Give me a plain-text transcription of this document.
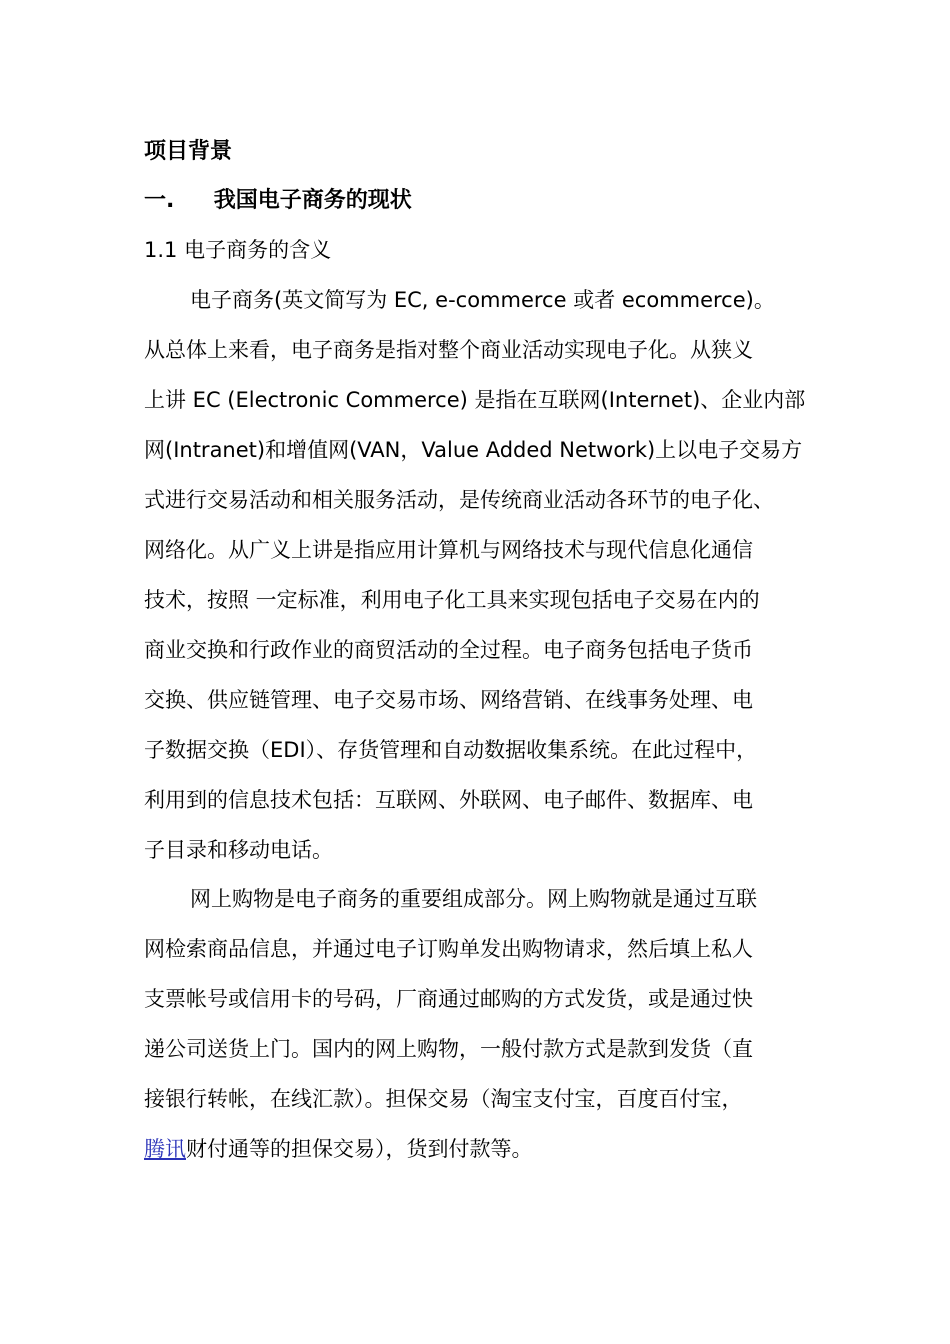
项目背景
一. 我国电子商务的现状
1.1 电子商务的含义
电子商务(英文简写为 EC, e-commerce 或者 ecommerce)。
从总体上来看，电子商务是指对整个商业活动实现电子化。从狭义
上讲 EC (Electronic Commerce) 是指在互联网(Internet)、企业内部
网(Intranet)和增值网(VAN，Value Added Network)上以电子交易方
式进行交易活动和相关服务活动，是传统商业活动各环节的电子化、
网络化。从广义上讲是指应用计算机与网络技术与现代信息化通信
技术，按照 一定标准，利用电子化工具来实现包括电子交易在内的
商业交换和行政作业的商贸活动的全过程。电子商务包括电子货币
交换、供应链管理、电子交易市场、网络营销、在线事务处理、电
子数据交换（EDI）、存货管理和自动数据收集系统。在此过程中，
利用到的信息技术包括：互联网、外联网、电子邮件、数据库、电
子目录和移动电话。
网上购物是电子商务的重要组成部分。网上购物就是通过互联
网检索商品信息，并通过电子订购单发出购物请求，然后填上私人
支票帐号或信用卡的号码，厂商通过邮购的方式发货，或是通过快
递公司送货上门。国内的网上购物，一般付款方式是款到发货（直
接银行转帐，在线汇款）。担保交易（淘宝支付宝，百度百付宝，
腾讯财付通等的担保交易），货到付款等。
